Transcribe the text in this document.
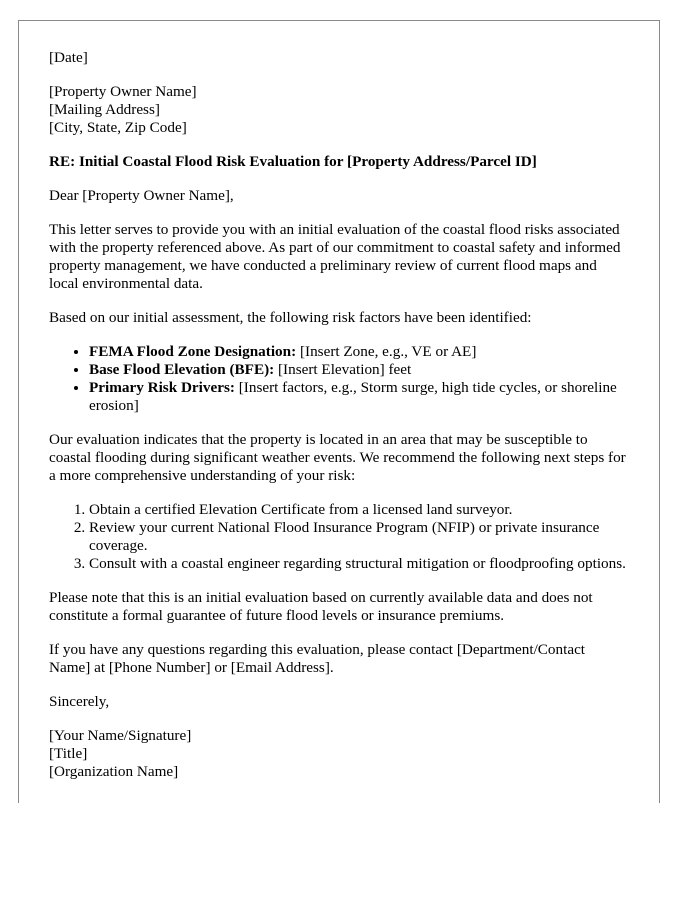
[Date]
[Property Owner Name]
[Mailing Address]
[City, State, Zip Code]

RE: Initial Coastal Flood Risk Evaluation for [Property Address/Parcel ID]

Dear [Property Owner Name],

This letter serves to provide you with an initial evaluation of the coastal flood risks associated with the property referenced above. As part of our commitment to coastal safety and informed property management, we have conducted a preliminary review of current flood maps and local environmental data.

Based on our initial assessment, the following risk factors have been identified:

• FEMA Flood Zone Designation: [Insert Zone, e.g., VE or AE]
• Base Flood Elevation (BFE): [Insert Elevation] feet
• Primary Risk Drivers: [Insert factors, e.g., Storm surge, high tide cycles, or shoreline erosion]

Our evaluation indicates that the property is located in an area that may be susceptible to coastal flooding during significant weather events. We recommend the following next steps for a more comprehensive understanding of your risk:

1. Obtain a certified Elevation Certificate from a licensed land surveyor.
2. Review your current National Flood Insurance Program (NFIP) or private insurance coverage.
3. Consult with a coastal engineer regarding structural mitigation or floodproofing options.

Please note that this is an initial evaluation based on currently available data and does not constitute a formal guarantee of future flood levels or insurance premiums.

If you have any questions regarding this evaluation, please contact [Department/Contact Name] at [Phone Number] or [Email Address].

Sincerely,

[Your Name/Signature]
[Title]
[Organization Name]
